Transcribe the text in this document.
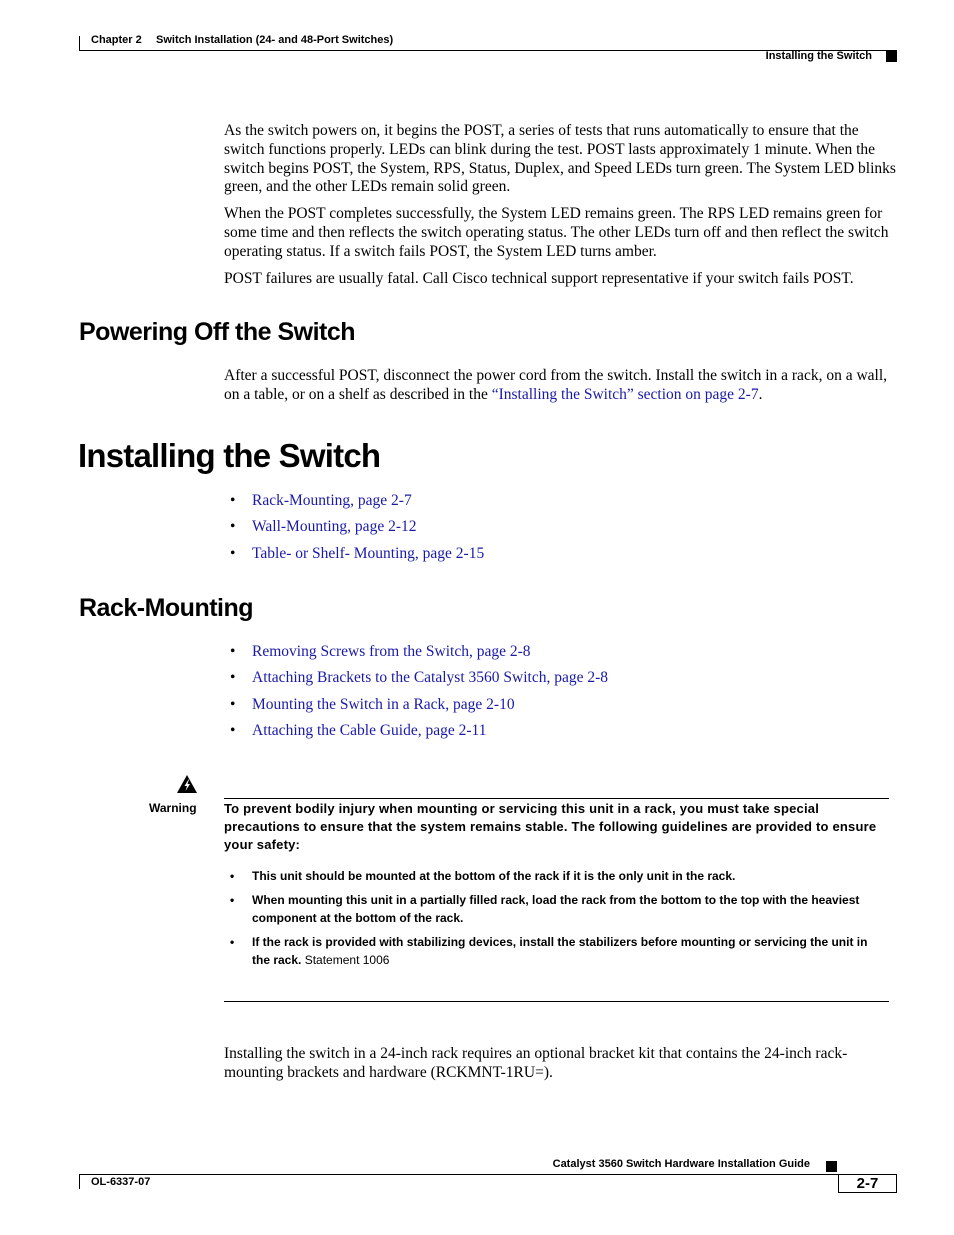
Chapter 2 Switch Installation (24- and 48-Port Switches)
Installing the Switch

As the switch powers on, it begins the POST, a series of tests that runs automatically to ensure that the switch functions properly. LEDs can blink during the test. POST lasts approximately 1 minute. When the switch begins POST, the System, RPS, Status, Duplex, and Speed LEDs turn green. The System LED blinks green, and the other LEDs remain solid green.

When the POST completes successfully, the System LED remains green. The RPS LED remains green for some time and then reflects the switch operating status. The other LEDs turn off and then reflect the switch operating status. If a switch fails POST, the System LED turns amber.

POST failures are usually fatal. Call Cisco technical support representative if your switch fails POST.

Powering Off the Switch
After a successful POST, disconnect the power cord from the switch. Install the switch in a rack, on a wall, on a table, or on a shelf as described in the “Installing the Switch” section on page 2-7.
Installing the Switch
• Rack-Mounting, page 2-7
• Wall-Mounting, page 2-12
• Table- or Shelf- Mounting, page 2-15
Rack-Mounting
• Removing Screws from the Switch, page 2-8
• Attaching Brackets to the Catalyst 3560 Switch, page 2-8
• Mounting the Switch in a Rack, page 2-10
• Attaching the Cable Guide, page 2-11
Warning To prevent bodily injury when mounting or servicing this unit in a rack, you must take special precautions to ensure that the system remains stable. The following guidelines are provided to ensure your safety:
• This unit should be mounted at the bottom of the rack if it is the only unit in the rack.
• When mounting this unit in a partially filled rack, load the rack from the bottom to the top with the heaviest component at the bottom of the rack.
• If the rack is provided with stabilizing devices, install the stabilizers before mounting or servicing the unit in the rack. Statement 1006
Installing the switch in a 24-inch rack requires an optional bracket kit that contains the 24-inch rack-mounting brackets and hardware (RCKMNT-1RU=).
Catalyst 3560 Switch Hardware Installation Guide
OL-6337-07	2-7
